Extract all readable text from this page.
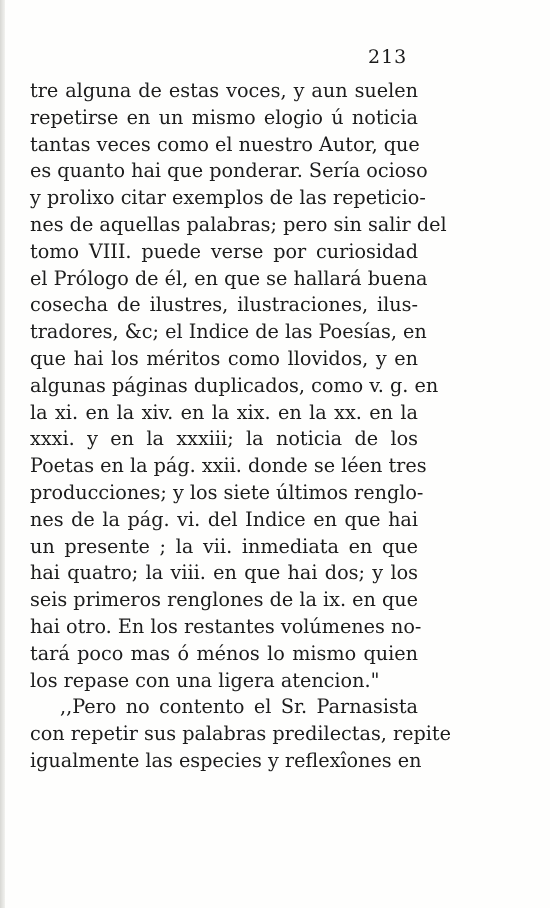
213
tre alguna de estas voces, y aun suelen
repetirse en un mismo elogio ú noticia
tantas veces como el nuestro Autor, que
es quanto hai que ponderar. Sería ocioso
y prolixo citar exemplos de las repeticio-
nes de aquellas palabras; pero sin salir del
tomo VIII. puede verse por curiosidad
el Prólogo de él, en que se hallará buena
cosecha de ilustres, ilustraciones, ilus-
tradores, &c; el Indice de las Poesías, en
que hai los méritos como llovidos, y en
algunas páginas duplicados, como v. g. en
la xi. en la xiv. en la xix. en la xx. en la
xxxi. y en la xxxiii; la noticia de los
Poetas en la pág. xxii. donde se léen tres
producciones; y los siete últimos renglo-
nes de la pág. vi. del Indice en que hai
un presente ; la vii. inmediata en que
hai quatro; la viii. en que hai dos; y los
seis primeros renglones de la ix. en que
hai otro. En los restantes volúmenes no-
tará poco mas ó ménos lo mismo quien
los repase con una ligera atencion."
,,Pero no contento el Sr. Parnasista
con repetir sus palabras predilectas, repite
igualmente las especies y reflexîones en
